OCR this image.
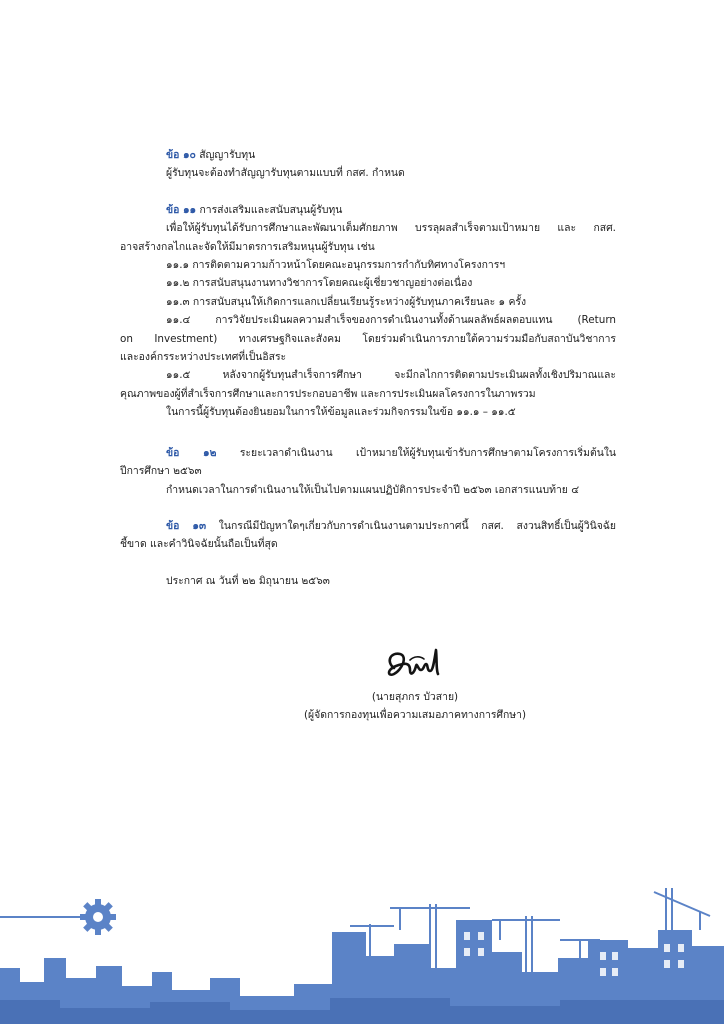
ข้อ ๑๐ สัญญารับทุน
ผู้รับทุนจะต้องทำสัญญารับทุนตามแบบที่ กสศ. กำหนด
ข้อ ๑๑ การส่งเสริมและสนับสนุนผู้รับทุน
เพื่อให้ผู้รับทุนได้รับการศึกษาและพัฒนาเต็มศักยภาพ บรรลุผลสำเร็จตามเป้าหมาย และ กสศ.
อาจสร้างกลไกและจัดให้มีมาตรการเสริมหนุนผู้รับทุน เช่น
๑๑.๑ การติดตามความก้าวหน้าโดยคณะอนุกรรมการกำกับทิศทางโครงการฯ
๑๑.๒ การสนับสนุนงานทางวิชาการโดยคณะผู้เชี่ยวชาญอย่างต่อเนื่อง
๑๑.๓ การสนับสนุนให้เกิดการแลกเปลี่ยนเรียนรู้ระหว่างผู้รับทุนภาคเรียนละ ๑ ครั้ง
๑๑.๔ การวิจัยประเมินผลความสำเร็จของการดำเนินงานทั้งด้านผลลัพธ์ผลตอบแทน (Return
on Investment) ทางเศรษฐกิจและสังคม โดยร่วมดำเนินการภายใต้ความร่วมมือกับสถาบันวิชาการ
และองค์กรระหว่างประเทศที่เป็นอิสระ
๑๑.๕ หลังจากผู้รับทุนสำเร็จการศึกษา จะมีกลไกการติดตามประเมินผลทั้งเชิงปริมาณและ
คุณภาพของผู้ที่สำเร็จการศึกษาและการประกอบอาชีพ และการประเมินผลโครงการในภาพรวม
ในการนี้ผู้รับทุนต้องยินยอมในการให้ข้อมูลและร่วมกิจกรรมในข้อ ๑๑.๑ – ๑๑.๕
ข้อ ๑๒ ระยะเวลาดำเนินงาน เป้าหมายให้ผู้รับทุนเข้ารับการศึกษาตามโครงการเริ่มต้นใน
ปีการศึกษา ๒๕๖๓
กำหนดเวลาในการดำเนินงานให้เป็นไปตามแผนปฏิบัติการประจำปี ๒๕๖๓ เอกสารแนบท้าย ๔
ข้อ ๑๓ ในกรณีมีปัญหาใดๆเกี่ยวกับการดำเนินงานตามประกาศนี้ กสศ. สงวนสิทธิ์เป็นผู้วินิจฉัย
ชี้ขาด และคำวินิจฉัยนั้นถือเป็นที่สุด
ประกาศ ณ วันที่ ๒๒ มิถุนายน ๒๕๖๓
(นายสุภกร บัวสาย)
(ผู้จัดการกองทุนเพื่อความเสมอภาคทางการศึกษา)
